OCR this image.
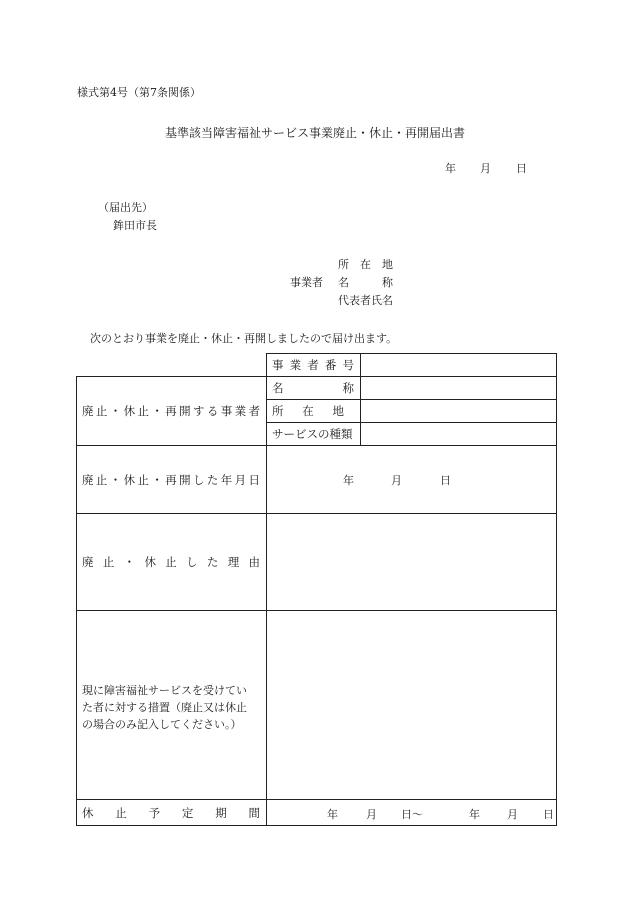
様式第4号（第7条関係）
基準該当障害福祉サービス事業廃止・休止・再開届出書
年 月 日
（届出先）
鉾田市長
所　在　地
事業者 名　　　称
代表者氏名
次のとおり事業を廃止・休止・再開しましたので届け出ます。
事 業 者 番 号
廃 止 ・ 休 止 ・ 再 開 す る 事 業 者
名	称
所 在 地
サービスの種類
廃 止 ・ 休 止 ・ 再 開 し た 年 月 日	年	月	日
廃 止 ・ 休 止 し た 理 由
現に障害福祉サービスを受けてい
た者に対する措置（廃止又は休止
の場合のみ記入してください。）
休 止 予 定 期 間	年	月 日～	年 月 日
